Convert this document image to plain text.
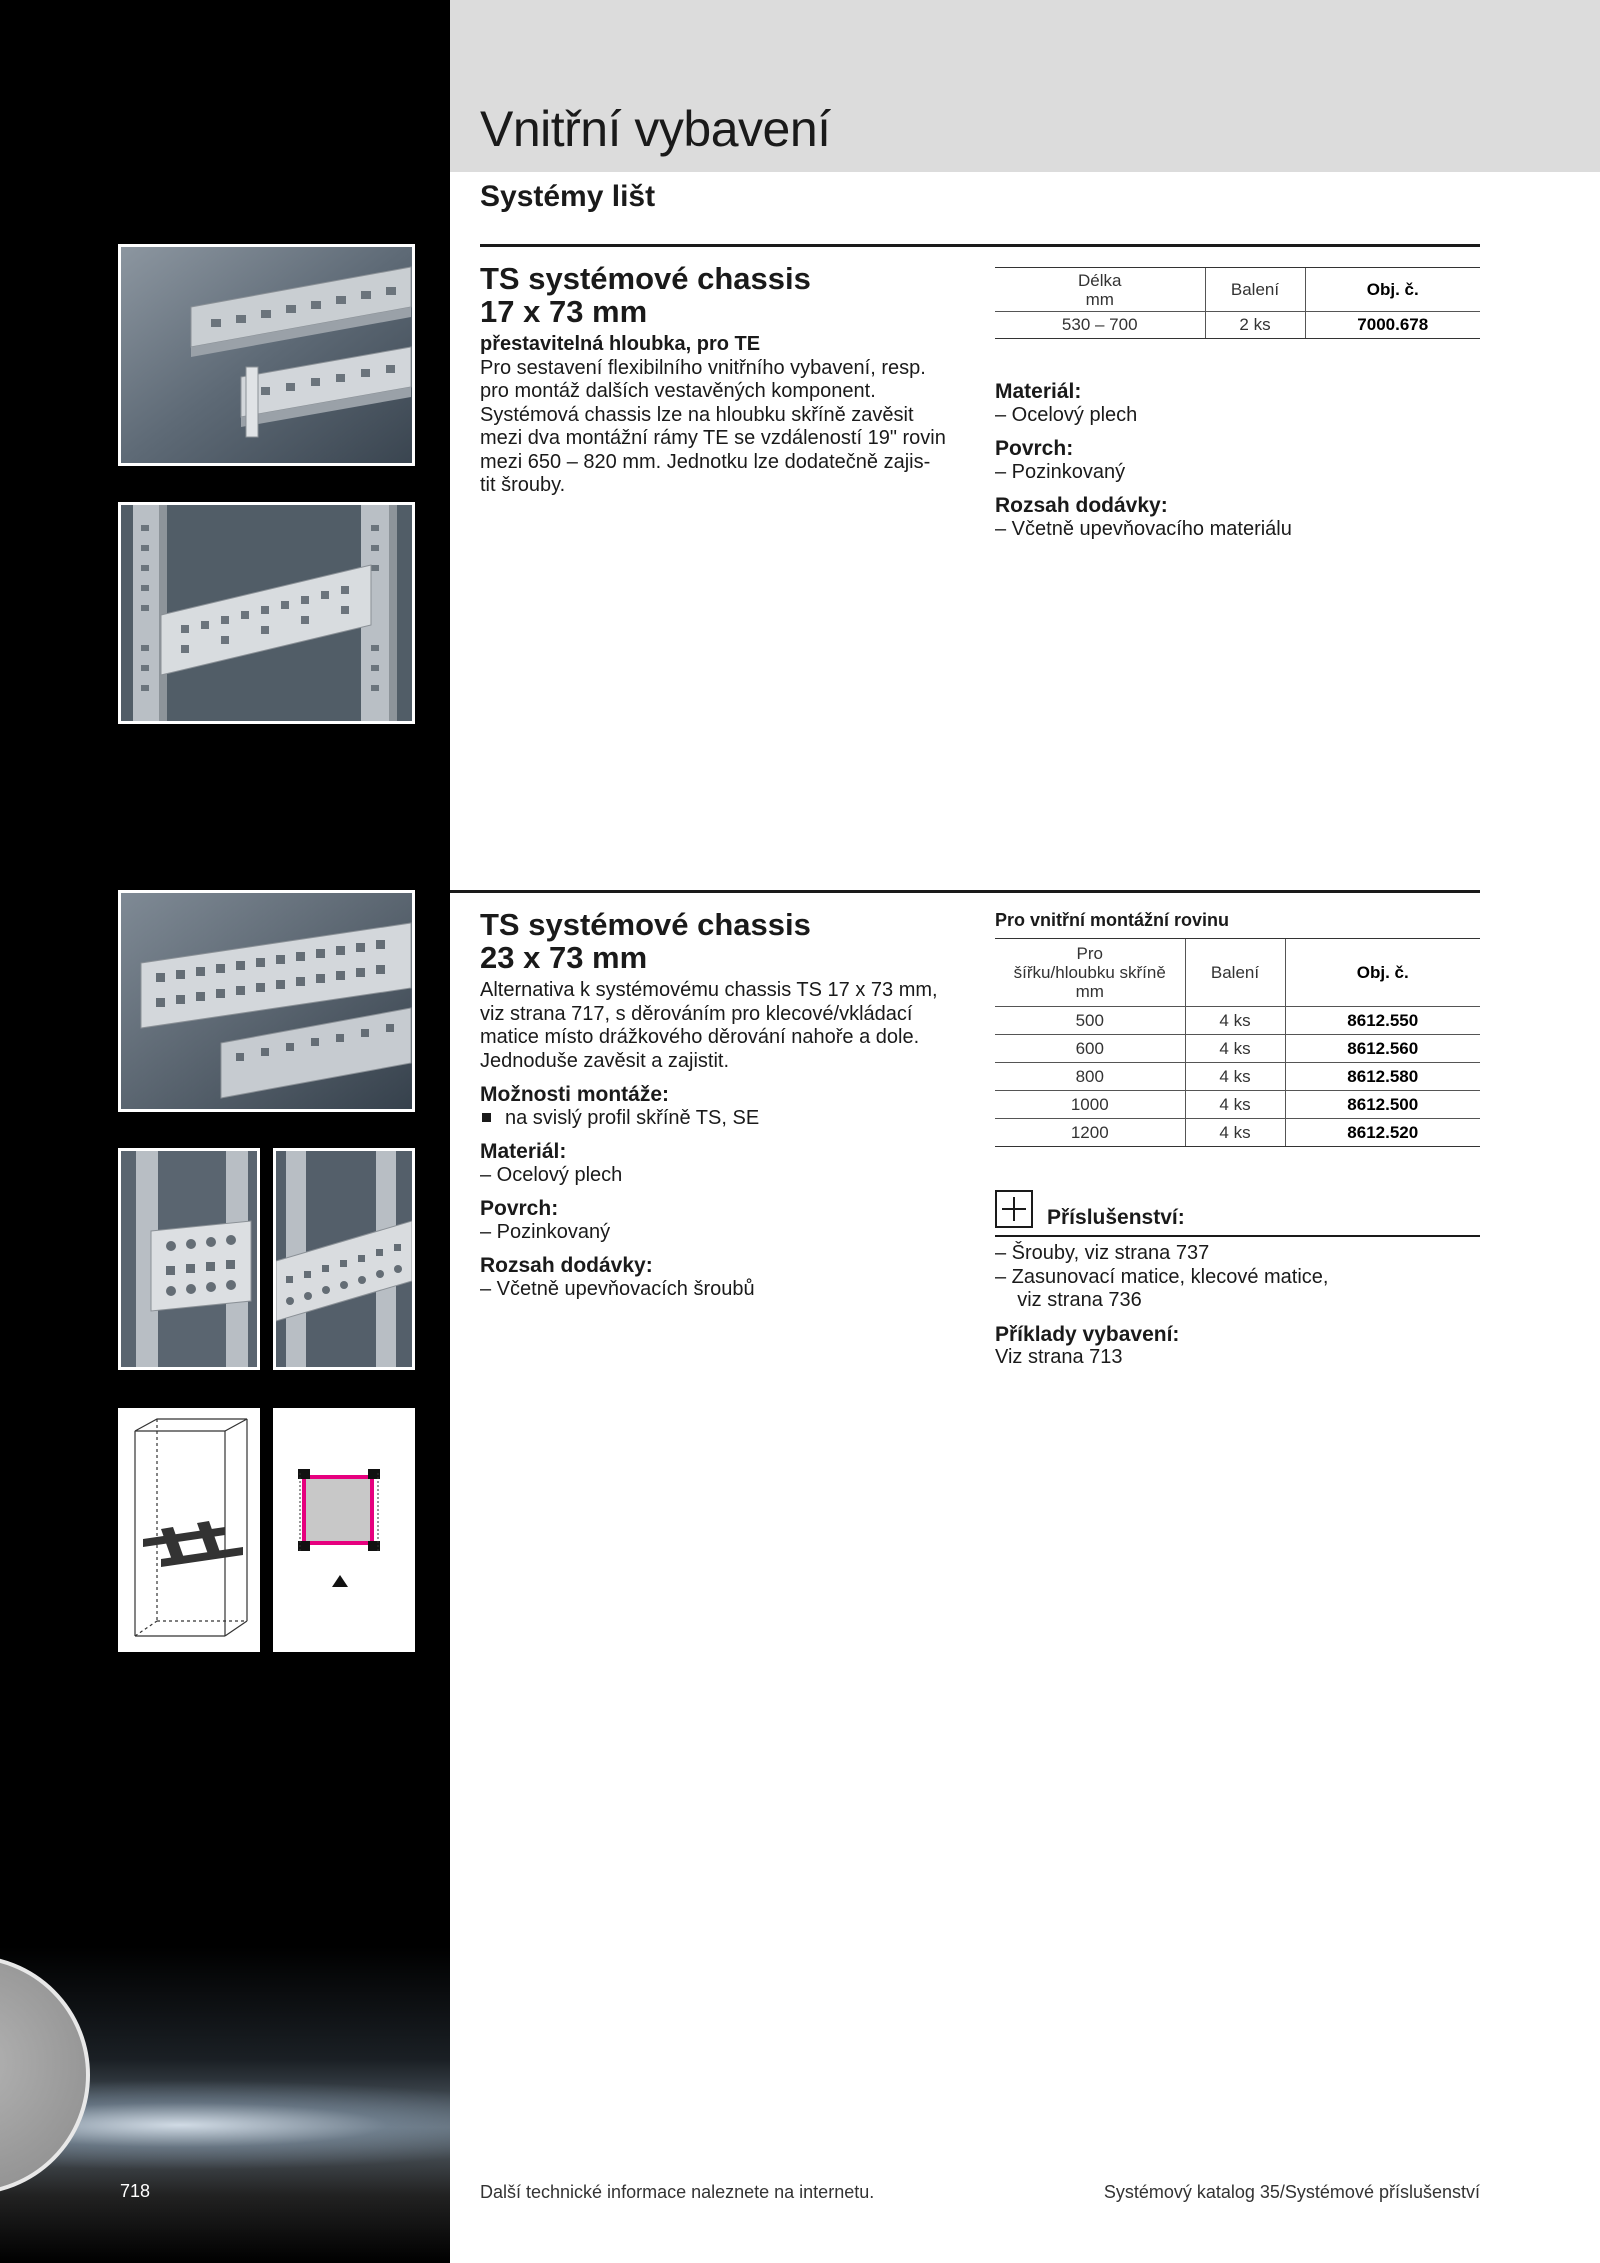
718
Vnitřní vybavení
Systémy lišt
TS systémové chassis
17 x 73 mm

přestavitelná hloubka, pro TE

Pro sestavení flexibilního vnitřního vybavení, resp.

pro montáž dalších vestavěných komponent.

Systémová chassis lze na hloubku skříně zavěsit

mezi dva montážní rámy TE se vzdáleností 19" rovin

mezi 650 – 820 mm. Jednotku lze dodatečně zajis-

tit šrouby.

Délka
mm	Balení	Obj. č.
530 – 700	2 ks	7000.678
Materiál:
– Ocelový plech
Povrch:
– Pozinkovaný
Rozsah dodávky:
– Včetně upevňovacího materiálu
TS systémové chassis
23 x 73 mm

Alternativa k systémovému chassis TS 17 x 73 mm,

viz strana 717, s děrováním pro klecové/vkládací

matice místo drážkového děrování nahoře a dole.

Jednoduše zavěsit a zajistit.

Možnosti montáže:

na svislý profil skříně TS, SE

Materiál:

– Ocelový plech

Povrch:

– Pozinkovaný

Rozsah dodávky:

– Včetně upevňovacích šroubů

Pro vnitřní montážní rovinu
Pro
šířku/hloubku skříně
mm	Balení	Obj. č.
500	4 ks	8612.550
600	4 ks	8612.560
800	4 ks	8612.580
1000	4 ks	8612.500
1200	4 ks	8612.520
Příslušenství:
– Šrouby, viz strana 737
– Zasunovací matice, klecové matice,
viz strana 736
Příklady vybavení:
Viz strana 713
Další technické informace naleznete na internetu.	Systémový katalog 35/Systémové příslušenství
